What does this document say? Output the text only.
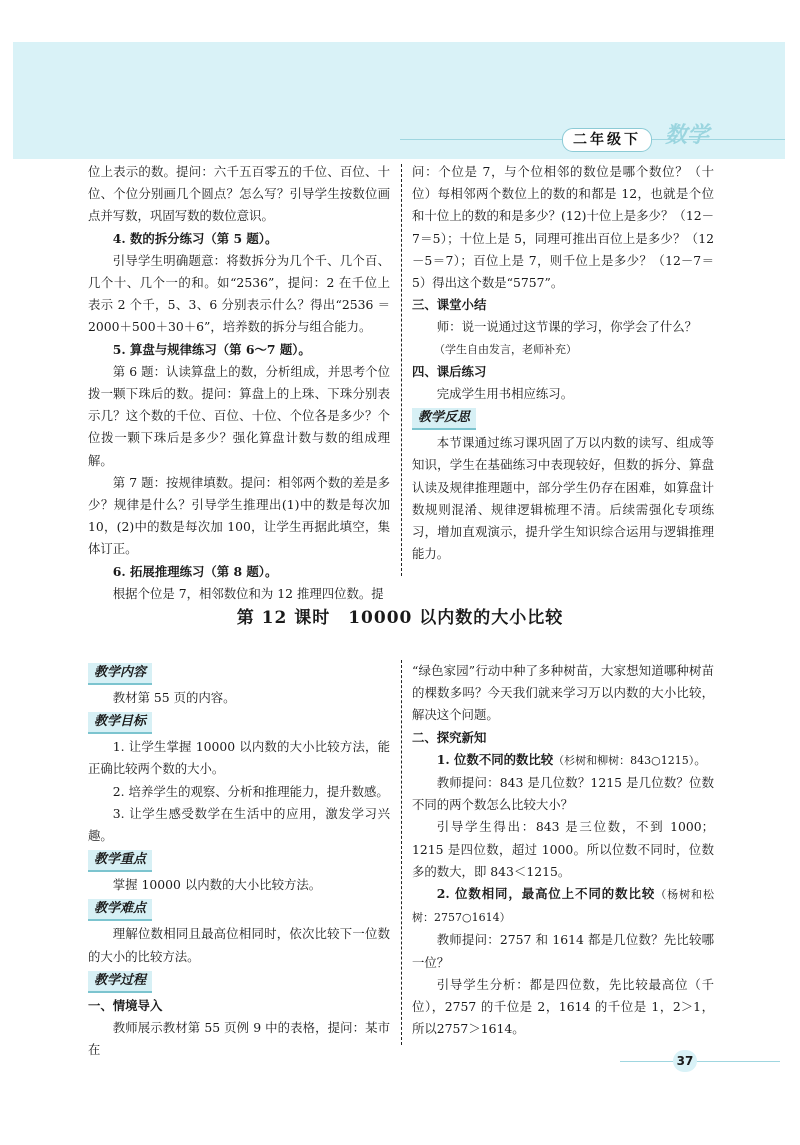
二年级下	数学

位上表示的数。提问：六千五百零五的千位、百位、十位、个位分别画几个圆点？怎么写？引导学生按数位画点并写数，巩固写数的数位意识。

4. 数的拆分练习（第 5 题）。

引导学生明确题意：将数拆分为几个千、几个百、几个十、几个一的和。如“2536”，提问：2 在千位上表示 2 个千，5、3、6 分别表示什么？得出“2536 ＝ 2000＋500＋30＋6”，培养数的拆分与组合能力。

5. 算盘与规律练习（第 6～7 题）。

第 6 题：认读算盘上的数，分析组成，并思考个位拨一颗下珠后的数。提问：算盘上的上珠、下珠分别表示几？这个数的千位、百位、十位、个位各是多少？个位拨一颗下珠后是多少？强化算盘计数与数的组成理解。

第 7 题：按规律填数。提问：相邻两个数的差是多少？规律是什么？引导学生推理出(1)中的数是每次加 10，(2)中的数是每次加 100，让学生再据此填空，集体订正。

6. 拓展推理练习（第 8 题）。

根据个位是 7，相邻数位和为 12 推理四位数。提

问：个位是 7，与个位相邻的数位是哪个数位？（十位）每相邻两个数位上的数的和都是 12，也就是个位和十位上的数的和是多少？(12)十位上是多少？（12－7＝5）；十位上是 5，同理可推出百位上是多少？（12－5＝7）；百位上是 7，则千位上是多少？（12－7＝5）得出这个数是“5757”。

三、课堂小结

师：说一说通过这节课的学习，你学会了什么？

（学生自由发言，老师补充）

四、课后练习

完成学生用书相应练习。

教学反思

本节课通过练习课巩固了万以内数的读写、组成等知识，学生在基础练习中表现较好，但数的拆分、算盘认读及规律推理题中，部分学生仍存在困难，如算盘计数规则混淆、规律逻辑梳理不清。后续需强化专项练习，增加直观演示，提升学生知识综合运用与逻辑推理能力。

第 12 课时　10000 以内数的大小比较
教学内容

教材第 55 页的内容。

教学目标

1. 让学生掌握 10000 以内数的大小比较方法，能正确比较两个数的大小。

2. 培养学生的观察、分析和推理能力，提升数感。

3. 让学生感受数学在生活中的应用，激发学习兴趣。

教学重点

掌握 10000 以内数的大小比较方法。

教学难点

理解位数相同且最高位相同时，依次比较下一位数的大小的比较方法。

教学过程

一、情境导入

教师展示教材第 55 页例 9 中的表格，提问：某市在

“绿色家园”行动中种了多种树苗，大家想知道哪种树苗的棵数多吗？今天我们就来学习万以内数的大小比较，解决这个问题。

二、探究新知

1. 位数不同的数比较（杉树和柳树：843○1215）。

教师提问：843 是几位数？1215 是几位数？位数不同的两个数怎么比较大小？

引导学生得出：843 是三位数，不到 1000；1215 是四位数，超过 1000。所以位数不同时，位数多的数大，即 843＜1215。

2. 位数相同，最高位上不同的数比较（杨树和松树：2757○1614）

教师提问：2757 和 1614 都是几位数？先比较哪一位？

引导学生分析：都是四位数，先比较最高位（千位），2757 的千位是 2，1614 的千位是 1，2＞1，所以2757＞1614。

37
